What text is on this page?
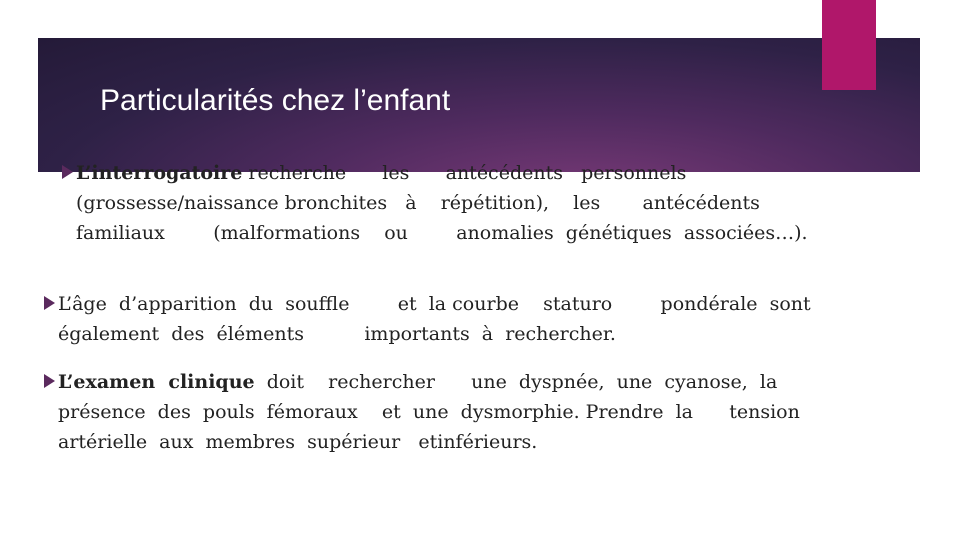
Particularités chez l’enfant
L’interrogatoire recherche      les      antécédents   personnels
(grossesse/naissance bronchites   à    répétition),    les       antécédents
familiaux        (malformations    ou        anomalies  génétiques  associées…).
L’âge  d’apparition  du  souffle        et  la courbe    staturo        pondérale  sont
également  des  éléments          importants  à  rechercher.
L’examen  clinique  doit    rechercher      une  dyspnée,  une  cyanose,  la
présence  des  pouls  fémoraux    et  une  dysmorphie. Prendre  la      tension
artérielle  aux  membres  supérieur   etinférieurs.
